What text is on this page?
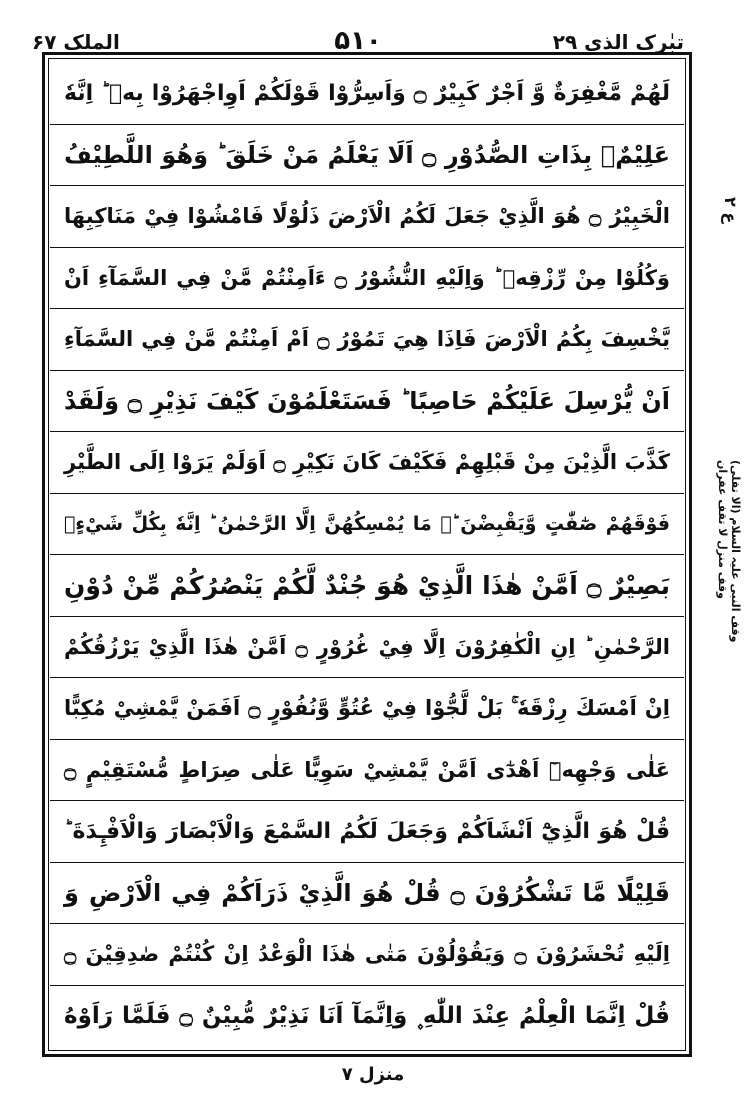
تبٰرک الذی ۲۹
۵۱۰
الملک ۶۷
لَهُمْ مَّغْفِرَةٌ وَّ اَجْرٌ كَبِيْرٌ ۝ وَاَسِرُّوْا قَوْلَكُمْ اَوِاجْهَرُوْا بِهٖ ؕ اِنَّهٗ
عَلِيْمٌۢ بِذَاتِ الصُّدُوْرِ ۝ اَلَا يَعْلَمُ مَنْ خَلَقَ ؕ وَهُوَ اللَّطِيْفُ
الْخَبِيْرُ ۝ هُوَ الَّذِيْ جَعَلَ لَكُمُ الْاَرْضَ ذَلُوْلًا فَامْشُوْا فِيْ مَنَاكِبِهَا
وَكُلُوْا مِنْ رِّزْقِهٖ ؕ وَاِلَيْهِ النُّشُوْرُ ۝ ءَاَمِنْتُمْ مَّنْ فِي السَّمَآءِ اَنْ
يَّخْسِفَ بِكُمُ الْاَرْضَ فَاِذَا هِيَ تَمُوْرُ ۝ اَمْ اَمِنْتُمْ مَّنْ فِي السَّمَآءِ
اَنْ يُّرْسِلَ عَلَيْكُمْ حَاصِبًا ؕ فَسَتَعْلَمُوْنَ كَيْفَ نَذِيْرِ ۝ وَلَقَدْ
كَذَّبَ الَّذِيْنَ مِنْ قَبْلِهِمْ فَكَيْفَ كَانَ نَكِيْرِ ۝ اَوَلَمْ يَرَوْا اِلَى الطَّيْرِ
فَوْقَهُمْ صٰٓفّٰتٍ وَّيَقْبِضْنَ ؕۘ مَا يُمْسِكُهُنَّ اِلَّا الرَّحْمٰنُ ؕ اِنَّهٗ بِكُلِّ شَيْءٍۢ
بَصِيْرٌ ۝ اَمَّنْ هٰذَا الَّذِيْ هُوَ جُنْدٌ لَّكُمْ يَنْصُرُكُمْ مِّنْ دُوْنِ
الرَّحْمٰنِ ؕ اِنِ الْكٰفِرُوْنَ اِلَّا فِيْ غُرُوْرٍ ۝ اَمَّنْ هٰذَا الَّذِيْ يَرْزُقُكُمْ
اِنْ اَمْسَكَ رِزْقَهٗ ۚ بَلْ لَّجُّوْا فِيْ عُتُوٍّ وَّنُفُوْرٍ ۝ اَفَمَنْ يَّمْشِيْ مُكِبًّا
عَلٰى وَجْهِهٖٓ اَهْدٰٓى اَمَّنْ يَّمْشِيْ سَوِيًّا عَلٰى صِرَاطٍ مُّسْتَقِيْمٍ ۝
قُلْ هُوَ الَّذِيْٓ اَنْشَاَكُمْ وَجَعَلَ لَكُمُ السَّمْعَ وَالْاَبْصَارَ وَالْاَفْـِٕدَةَ ؕ
قَلِيْلًا مَّا تَشْكُرُوْنَ ۝ قُلْ هُوَ الَّذِيْ ذَرَاَكُمْ فِي الْاَرْضِ وَ
اِلَيْهِ تُحْشَرُوْنَ ۝ وَيَقُوْلُوْنَ مَتٰى هٰذَا الْوَعْدُ اِنْ كُنْتُمْ صٰدِقِيْنَ ۝
قُلْ اِنَّمَا الْعِلْمُ عِنْدَ اللّٰهِ ۪ وَاِنَّمَآ اَنَا نَذِيْرٌ مُّبِيْنٌ ۝ فَلَمَّا رَاَوْهُ
ع ۲
وقف النبی علیہ السلام (الا تفلی) وقف منزل لا تقف عفران
منزل ۷
